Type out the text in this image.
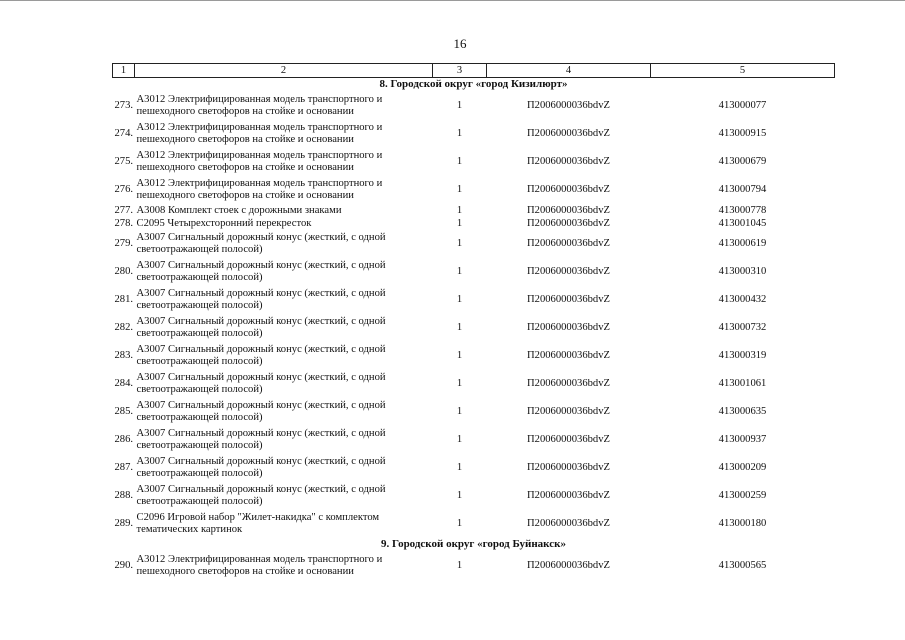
16
1	2	3	4	5
8. Городской округ «город Кизилюрт»				
273.	А3012 Электрифицированная модель транспортного и пешеходного светофоров на стойке и основании	1	П2006000036bdvZ	413000077
274.	А3012 Электрифицированная модель транспортного и пешеходного светофоров на стойке и основании	1	П2006000036bdvZ	413000915
275.	А3012 Электрифицированная модель транспортного и пешеходного светофоров на стойке и основании	1	П2006000036bdvZ	413000679
276.	А3012 Электрифицированная модель транспортного и пешеходного светофоров на стойке и основании	1	П2006000036bdvZ	413000794
277.	А3008 Комплект стоек с дорожными знаками	1	П2006000036bdvZ	413000778
278.	С2095 Четырехсторонний перекресток	1	П2006000036bdvZ	413001045
279.	А3007 Сигнальный дорожный конус (жесткий, с одной светоотражающей полосой)	1	П2006000036bdvZ	413000619
280.	А3007 Сигнальный дорожный конус (жесткий, с одной светоотражающей полосой)	1	П2006000036bdvZ	413000310
281.	А3007 Сигнальный дорожный конус (жесткий, с одной светоотражающей полосой)	1	П2006000036bdvZ	413000432
282.	А3007 Сигнальный дорожный конус (жесткий, с одной светоотражающей полосой)	1	П2006000036bdvZ	413000732
283.	А3007 Сигнальный дорожный конус (жесткий, с одной светоотражающей полосой)	1	П2006000036bdvZ	413000319
284.	А3007 Сигнальный дорожный конус (жесткий, с одной светоотражающей полосой)	1	П2006000036bdvZ	413001061
285.	А3007 Сигнальный дорожный конус (жесткий, с одной светоотражающей полосой)	1	П2006000036bdvZ	413000635
286.	А3007 Сигнальный дорожный конус (жесткий, с одной светоотражающей полосой)	1	П2006000036bdvZ	413000937
287.	А3007 Сигнальный дорожный конус (жесткий, с одной светоотражающей полосой)	1	П2006000036bdvZ	413000209
288.	А3007 Сигнальный дорожный конус (жесткий, с одной светоотражающей полосой)	1	П2006000036bdvZ	413000259
289.	С2096 Игровой набор "Жилет-накидка" с комплектом тематических картинок	1	П2006000036bdvZ	413000180
9. Городской округ «город Буйнакск»				
290.	А3012 Электрифицированная модель транспортного и пешеходного светофоров на стойке и основании	1	П2006000036bdvZ	413000565
